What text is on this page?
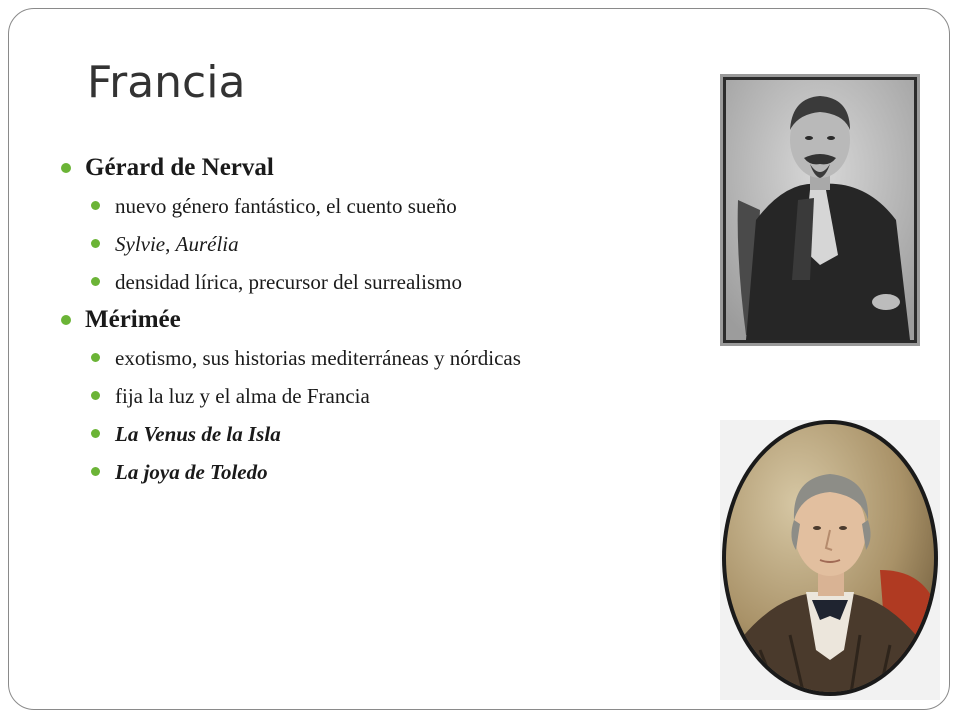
Francia
Gérard de Nerval
nuevo género fantástico, el cuento sueño
Sylvie, Aurélia
densidad lírica, precursor del surrealismo
Mérimée
exotismo, sus historias mediterráneas y nórdicas
fija la luz y el alma de Francia
La Venus de la Isla
La joya de Toledo
